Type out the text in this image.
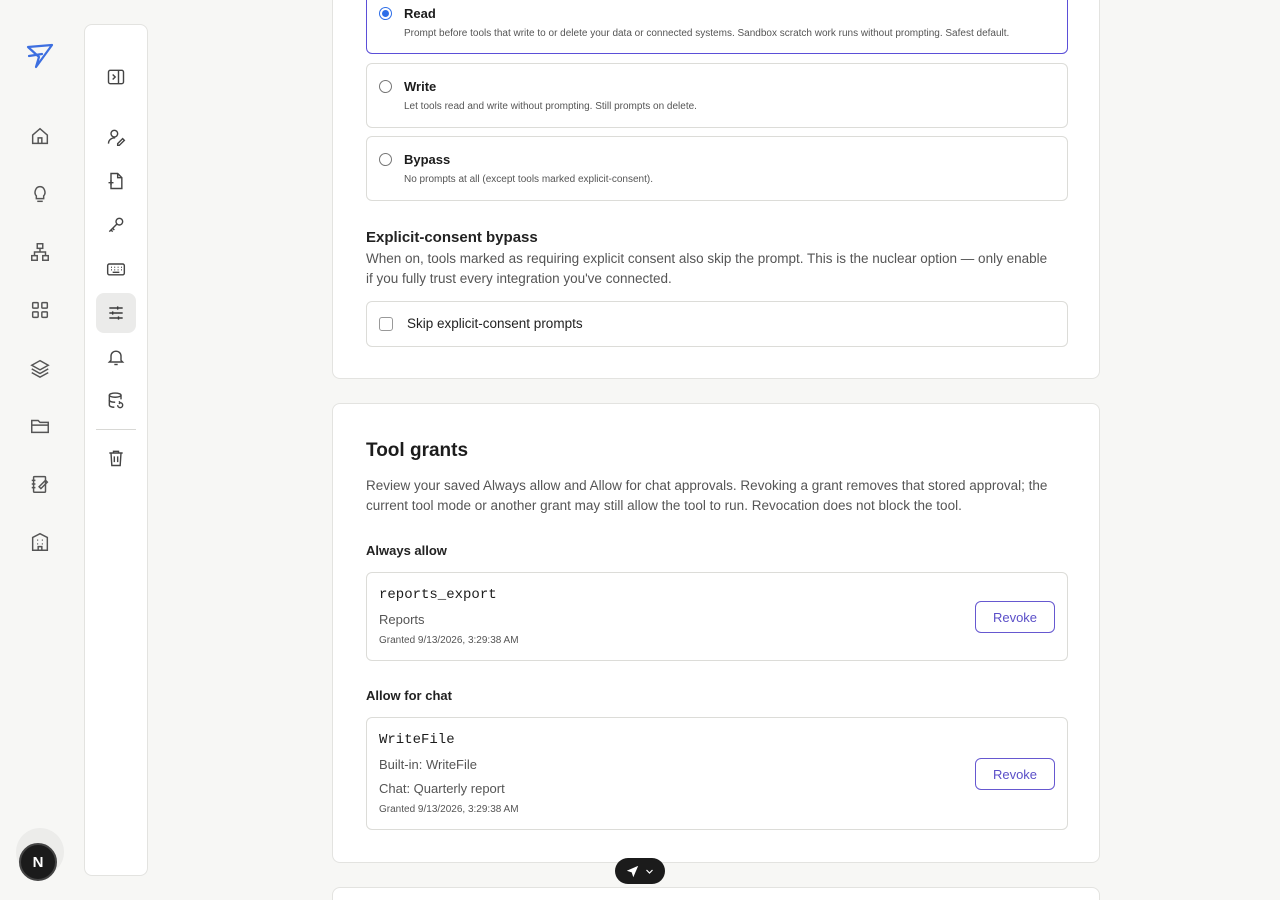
N
Read
Prompt before tools that write to or delete your data or connected systems. Sandbox scratch work runs without prompting. Safest default.
Write
Let tools read and write without prompting. Still prompts on delete.
Bypass
No prompts at all (except tools marked explicit-consent).
Explicit-consent bypass
When on, tools marked as requiring explicit consent also skip the prompt. This is the nuclear option — only enable if you fully trust every integration you've connected.
Skip explicit-consent prompts
Tool grants
Review your saved Always allow and Allow for chat approvals. Revoking a grant removes that stored approval; the current tool mode or another grant may still allow the tool to run. Revocation does not block the tool.
Always allow
reports_export
Reports
Granted 9/13/2026, 3:29:38 AM
Revoke
Allow for chat
WriteFile
Built-in: WriteFile
Chat: Quarterly report
Granted 9/13/2026, 3:29:38 AM
Revoke
